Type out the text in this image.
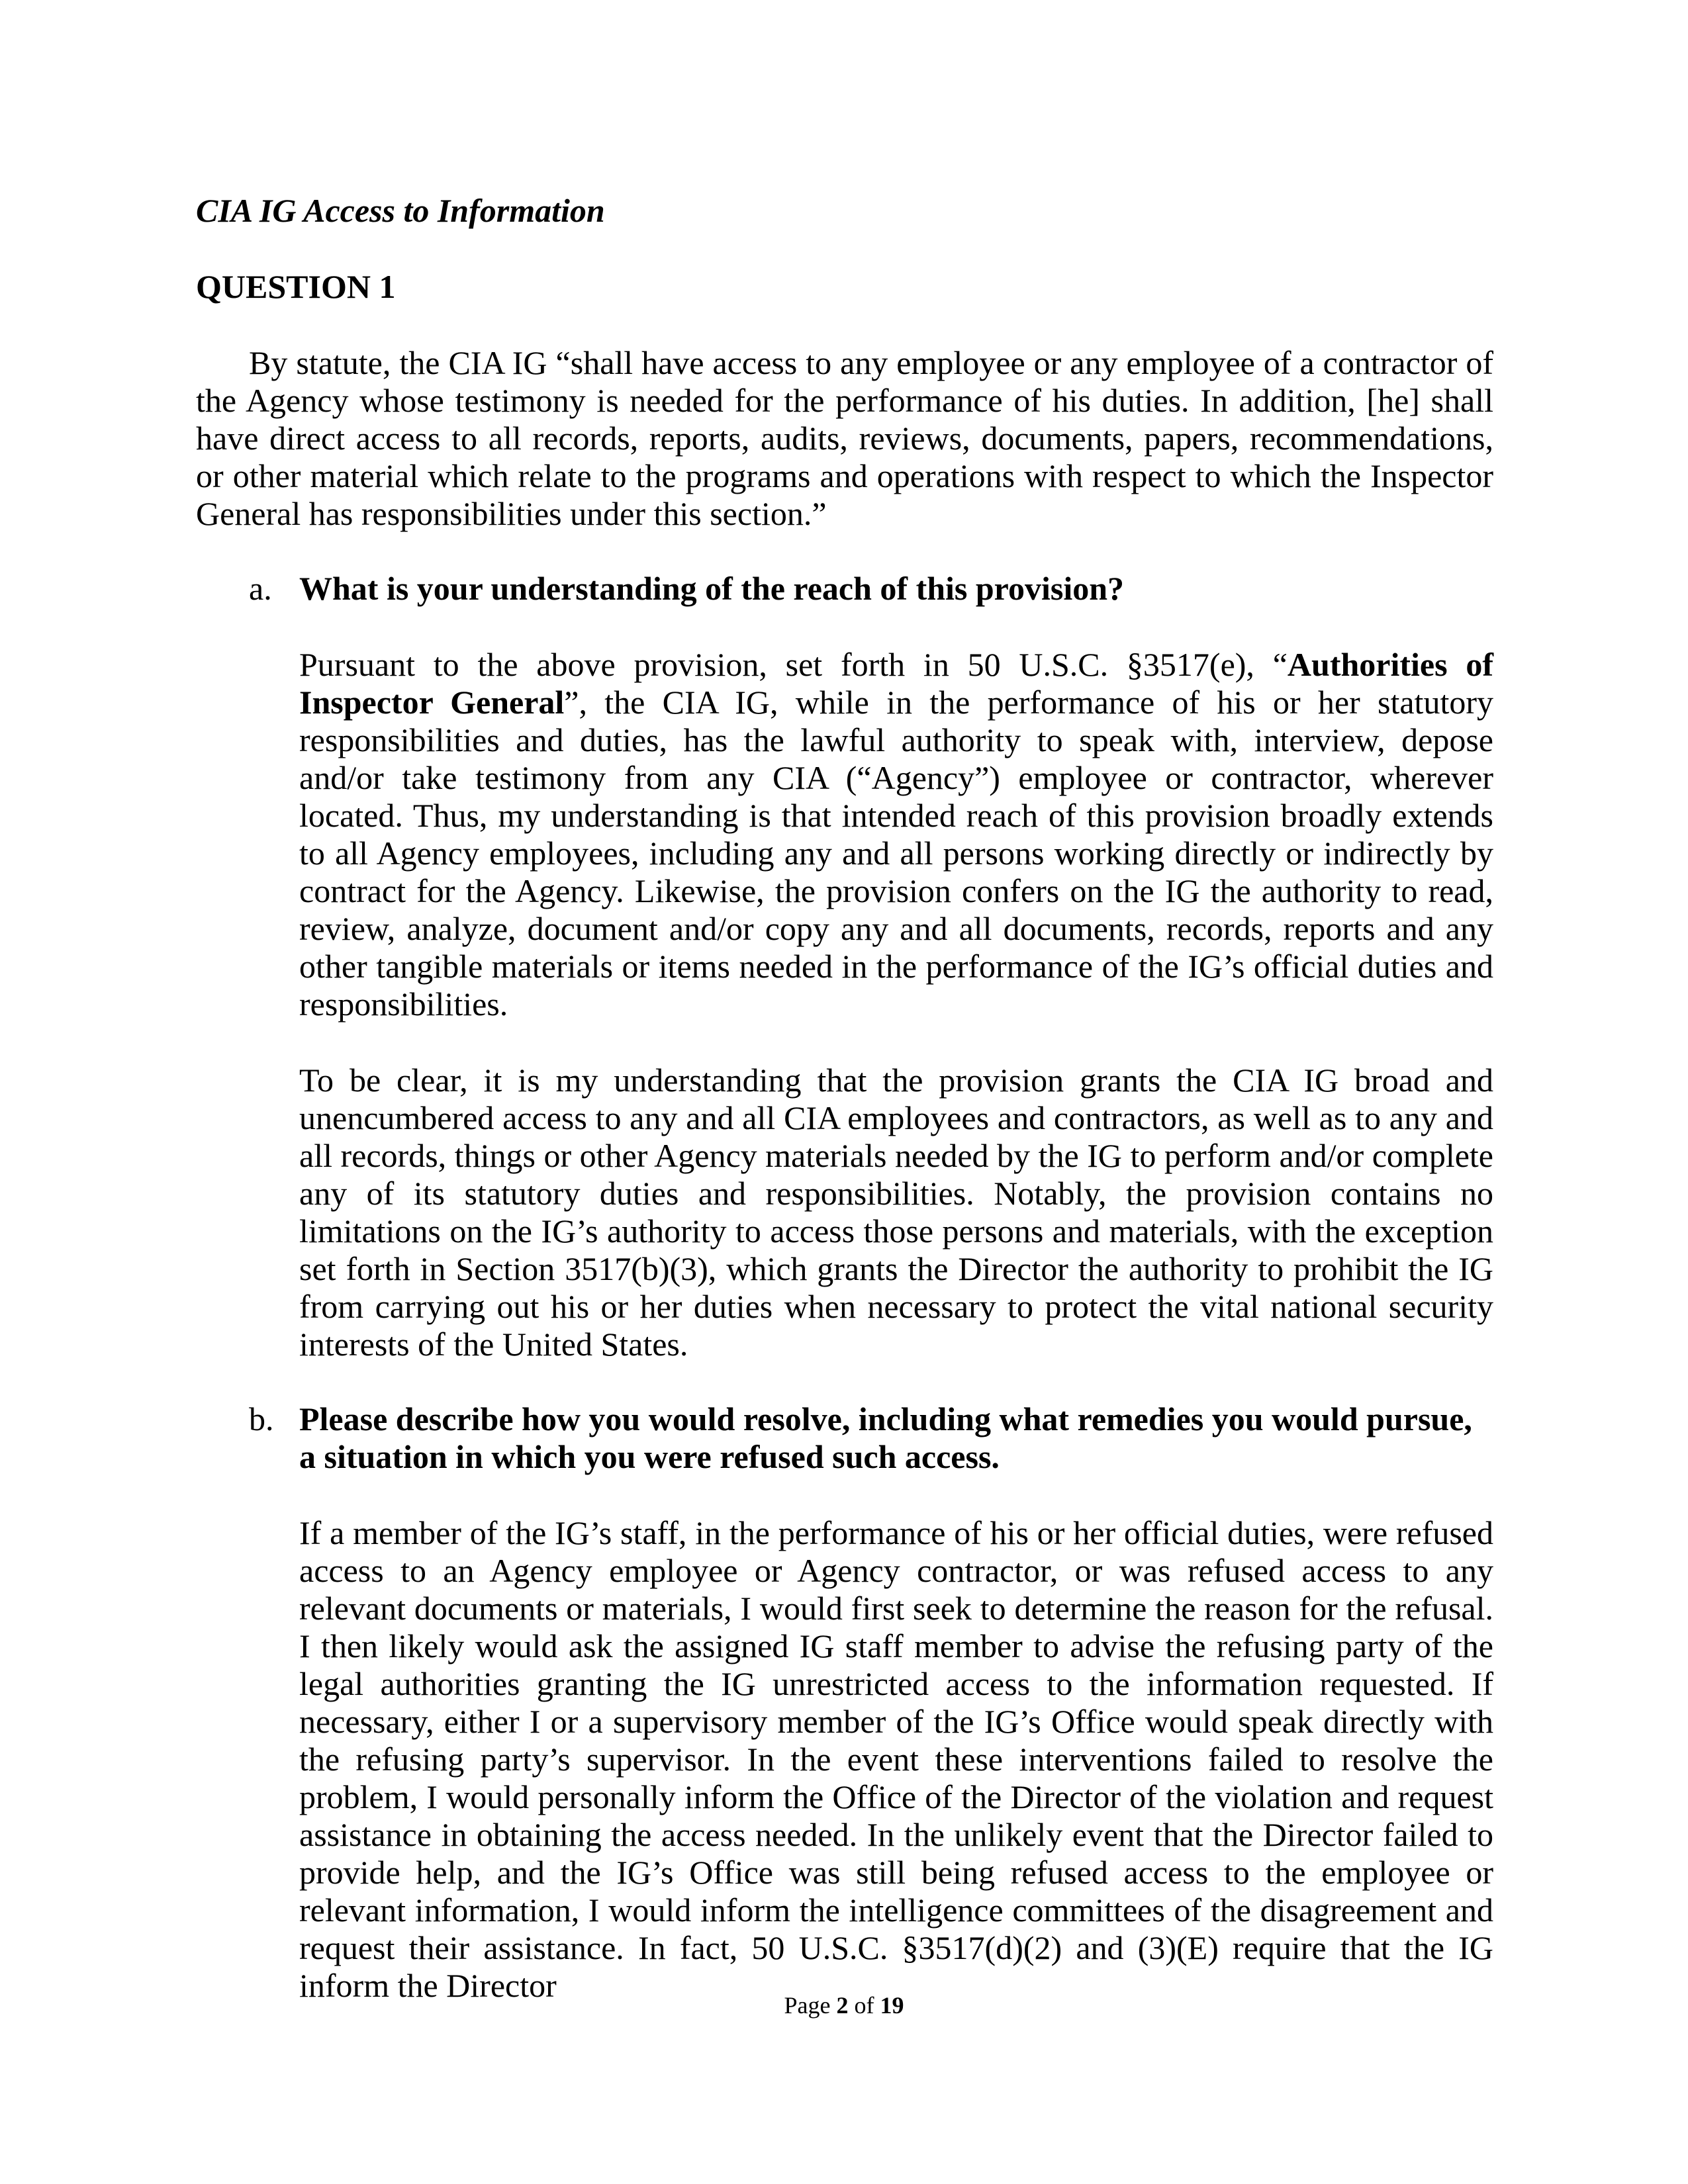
CIA IG Access to Information
QUESTION 1

By statute, the CIA IG “shall have access to any employee or any employee of a contractor of the Agency whose testimony is needed for the performance of his duties. In addition, [he] shall have direct access to all records, reports, audits, reviews, documents, papers, recommendations, or other material which relate to the programs and operations with respect to which the Inspector General has responsibilities under this section.”

a. What is your understanding of the reach of this provision?

Pursuant to the above provision, set forth in 50 U.S.C. §3517(e), “Authorities of Inspector General”, the CIA IG, while in the performance of his or her statutory responsibilities and duties, has the lawful authority to speak with, interview, depose and/or take testimony from any CIA (“Agency”) employee or contractor, wherever located. Thus, my understanding is that intended reach of this provision broadly extends to all Agency employees, including any and all persons working directly or indirectly by contract for the Agency. Likewise, the provision confers on the IG the authority to read, review, analyze, document and/or copy any and all documents, records, reports and any other tangible materials or items needed in the performance of the IG’s official duties and responsibilities.

To be clear, it is my understanding that the provision grants the CIA IG broad and unencumbered access to any and all CIA employees and contractors, as well as to any and all records, things or other Agency materials needed by the IG to perform and/or complete any of its statutory duties and responsibilities. Notably, the provision contains no limitations on the IG’s authority to access those persons and materials, with the exception set forth in Section 3517(b)(3), which grants the Director the authority to prohibit the IG from carrying out his or her duties when necessary to protect the vital national security interests of the United States.

b. Please describe how you would resolve, including what remedies you would pursue, a situation in which you were refused such access.

If a member of the IG’s staff, in the performance of his or her official duties, were refused access to an Agency employee or Agency contractor, or was refused access to any relevant documents or materials, I would first seek to determine the reason for the refusal. I then likely would ask the assigned IG staff member to advise the refusing party of the legal authorities granting the IG unrestricted access to the information requested. If necessary, either I or a supervisory member of the IG’s Office would speak directly with the refusing party’s supervisor. In the event these interventions failed to resolve the problem, I would personally inform the Office of the Director of the violation and request assistance in obtaining the access needed. In the unlikely event that the Director failed to provide help, and the IG’s Office was still being refused access to the employee or relevant information, I would inform the intelligence committees of the disagreement and request their assistance. In fact, 50 U.S.C. §3517(d)(2) and (3)(E) require that the IG inform the Director

Page 2 of 19
